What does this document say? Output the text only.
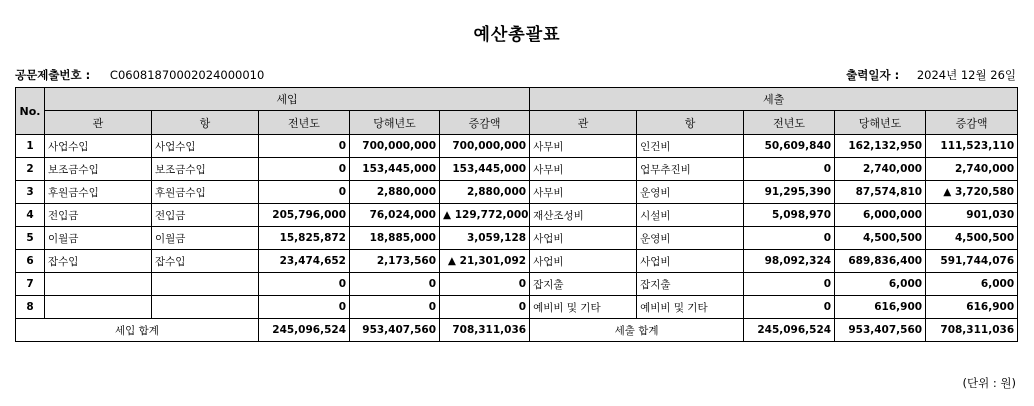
예산총괄표
공문제출번호 : C06081870002024000010	출력일자 : 2024년 12월 26일
No.	세입					세출				
	관	항	전년도	당해년도	증감액	관	항	전년도	당해년도	증감액
1	사업수입	사업수입	0	700,000,000	700,000,000	사무비	인건비	50,609,840	162,132,950	111,523,110
2	보조금수입	보조금수입	0	153,445,000	153,445,000	사무비	업무추진비	0	2,740,000	2,740,000
3	후원금수입	후원금수입	0	2,880,000	2,880,000	사무비	운영비	91,295,390	87,574,810	▲ 3,720,580
4	전입금	전입금	205,796,000	76,024,000	▲ 129,772,000	재산조성비	시설비	5,098,970	6,000,000	901,030
5	이월금	이월금	15,825,872	18,885,000	3,059,128	사업비	운영비	0	4,500,500	4,500,500
6	잡수입	잡수입	23,474,652	2,173,560	▲ 21,301,092	사업비	사업비	98,092,324	689,836,400	591,744,076
7			0	0	0	잡지출	잡지출	0	6,000	6,000
8			0	0	0	예비비 및 기타	예비비 및 기타	0	616,900	616,900
세입 합계			245,096,524	953,407,560	708,311,036	세출 합계		245,096,524	953,407,560	708,311,036
(단위 : 원)
